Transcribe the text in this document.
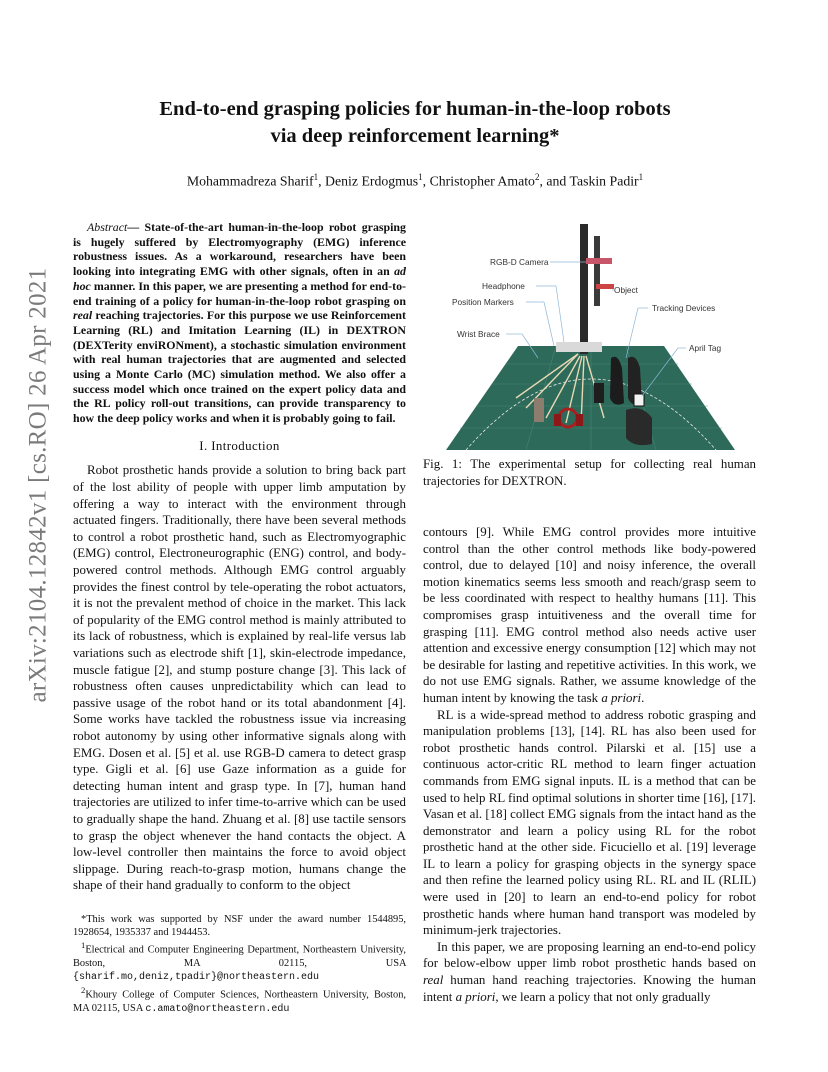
arXiv:2104.12842v1 [cs.RO] 26 Apr 2021
End-to-end grasping policies for human-in-the-loop robots
via deep reinforcement learning*
Mohammadreza Sharif$^1$, Deniz Erdogmus$^1$, Christopher Amato$^2$, and Taskin Padir$^1$

Abstract— State-of-the-art human-in-the-loop robot grasping is hugely suffered by Electromyography (EMG) inference robustness issues. As a workaround, researchers have been looking into integrating EMG with other signals, often in an ad hoc manner. In this paper, we are presenting a method for end-to-end training of a policy for human-in-the-loop robot grasping on real reaching trajectories. For this purpose we use Reinforcement Learning (RL) and Imitation Learning (IL) in DEXTRON (DEXTerity enviRONment), a stochastic simulation environment with real human trajectories that are augmented and selected using a Monte Carlo (MC) simulation method. We also offer a success model which once trained on the expert policy data and the RL policy roll-out transitions, can provide transparency to how the deep policy works and when it is probably going to fail.

I. Introduction

Robot prosthetic hands provide a solution to bring back part of the lost ability of people with upper limb amputation by offering a way to interact with the environment through actuated fingers. Traditionally, there have been several methods to control a robot prosthetic hand, such as Electromyographic (EMG) control, Electroneurographic (ENG) control, and body-powered control methods. Although EMG control arguably provides the finest control by tele-operating the robot actuators, it is not the prevalent method of choice in the market. This lack of popularity of the EMG control method is mainly attributed to its lack of robustness, which is explained by real-life versus lab variations such as electrode shift [1], skin-electrode impedance, muscle fatigue [2], and stump posture change [3]. This lack of robustness often causes unpredictability which can lead to passive usage of the robot hand or its total abandonment [4]. Some works have tackled the robustness issue via increasing robot autonomy by using other informative signals along with EMG. Dosen et al. [5] et al. use RGB-D camera to detect grasp type. Gigli et al. [6] use Gaze information as a guide for detecting human intent and grasp type. In [7], human hand trajectories are utilized to infer time-to-arrive which can be used to gradually shape the hand. Zhuang et al. [8] use tactile sensors to grasp the object whenever the hand contacts the object. A low-level controller then maintains the force to avoid object slippage. During reach-to-grasp motion, humans change the shape of their hand gradually to conform to the object

*This work was supported by NSF under the award number 1544895, 1928654, 1935337 and 1944453.

$^1$Electrical and Computer Engineering Department, Northeastern University, Boston, MA 02115, USA {sharif.mo,deniz,tpadir}@northeastern.edu

$^2$Khoury College of Computer Sciences, Northeastern University, Boston, MA 02115, USA c.amato@northeastern.edu

RGB-D Camera
Headphone
Position Markers
Wrist Brace
Object
Tracking Devices
April Tag
Fig. 1: The experimental setup for collecting real human trajectories for DEXTRON.

contours [9]. While EMG control provides more intuitive control than the other control methods like body-powered control, due to delayed [10] and noisy inference, the overall motion kinematics seems less smooth and reach/grasp seem to be less coordinated with respect to healthy humans [11]. This compromises grasp intuitiveness and the overall time for grasping [11]. EMG control method also needs active user attention and excessive energy consumption [12] which may not be desirable for lasting and repetitive activities. In this work, we do not use EMG signals. Rather, we assume knowledge of the human intent by knowing the task a priori.

RL is a wide-spread method to address robotic grasping and manipulation problems [13], [14]. RL has also been used for robot prosthetic hands control. Pilarski et al. [15] use a continuous actor-critic RL method to learn finger actuation commands from EMG signal inputs. IL is a method that can be used to help RL find optimal solutions in shorter time [16], [17]. Vasan et al. [18] collect EMG signals from the intact hand as the demonstrator and learn a policy using RL for the robot prosthetic hand at the other side. Ficuciello et al. [19] leverage IL to learn a policy for grasping objects in the synergy space and then refine the learned policy using RL. RL and IL (RLIL) were used in [20] to learn an end-to-end policy for robot prosthetic hands where human hand transport was modeled by minimum-jerk trajectories.

In this paper, we are proposing learning an end-to-end policy for below-elbow upper limb robot prosthetic hands based on real human hand reaching trajectories. Knowing the human intent a priori, we learn a policy that not only gradually
